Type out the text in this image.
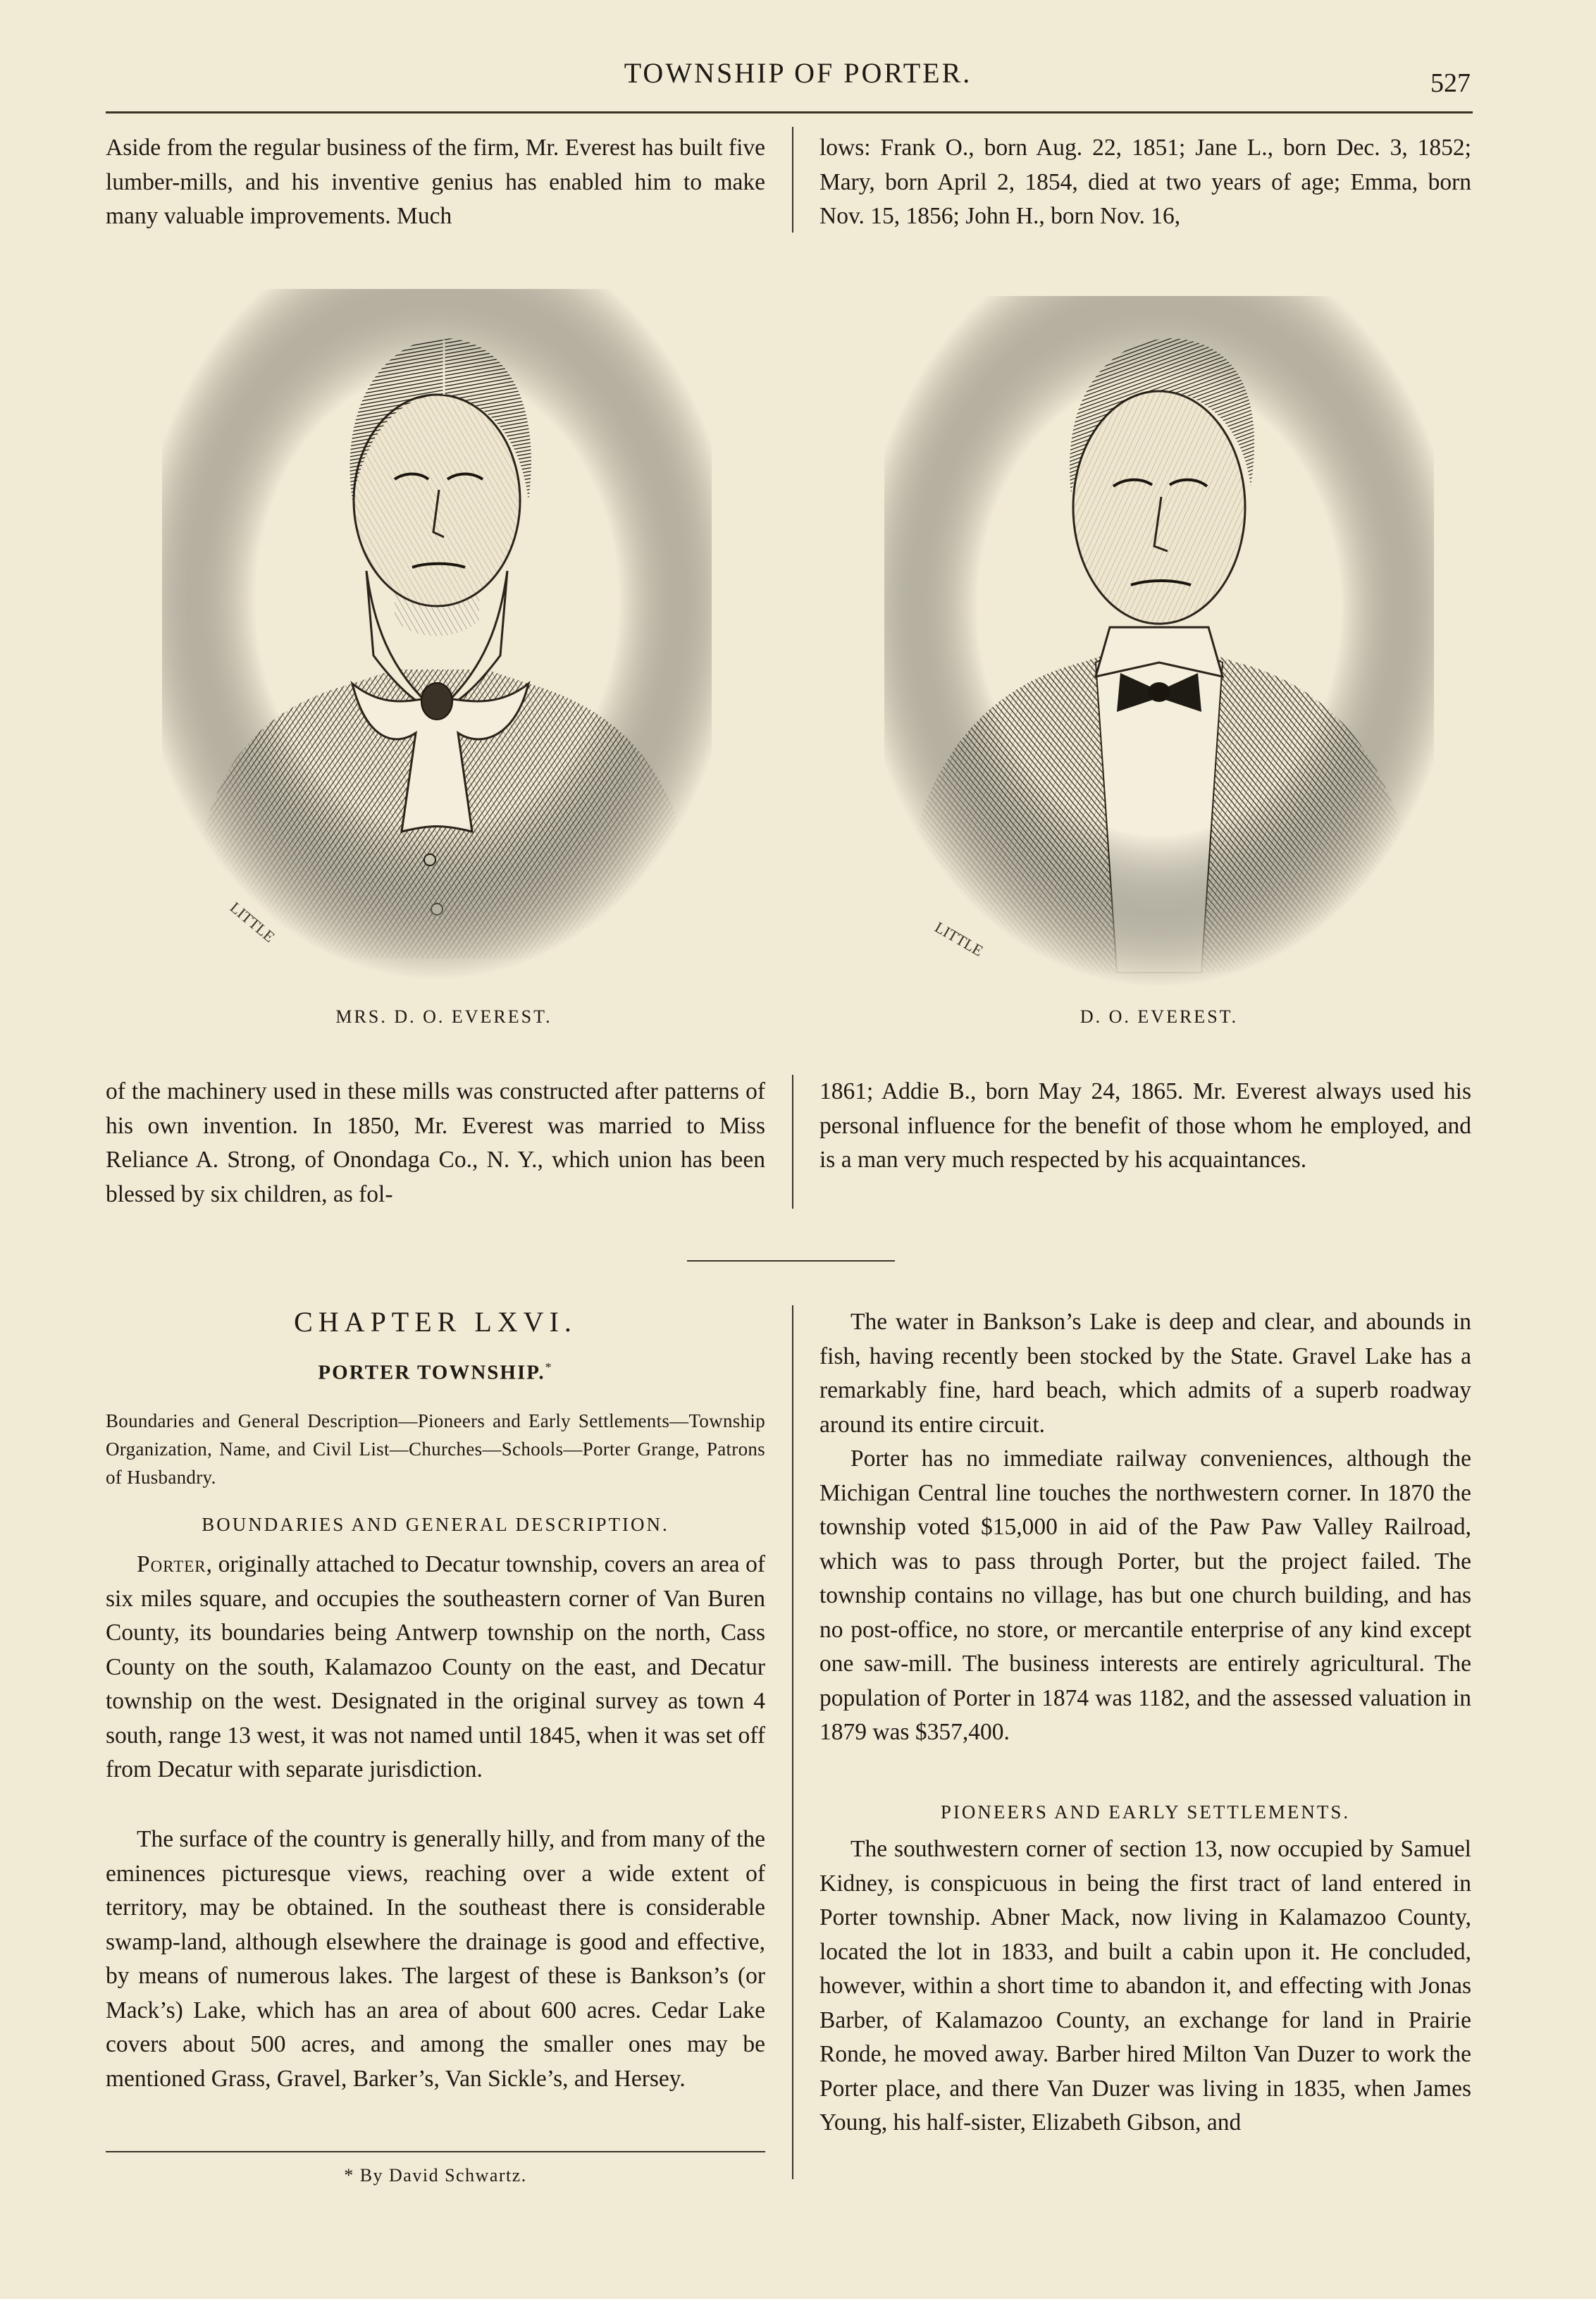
TOWNSHIP OF PORTER.	527

Aside from the regular business of the firm, Mr. Everest has built five lumber-mills, and his inventive genius has enabled him to make many valuable improvements. Much

lows: Frank O., born Aug. 22, 1851; Jane L., born Dec. 3, 1852; Mary, born April 2, 1854, died at two years of age; Emma, born Nov. 15, 1856; John H., born Nov. 16,

LITTLE	LITTLE
MRS. D. O. EVEREST.	D. O. EVEREST.

of the machinery used in these mills was constructed after patterns of his own invention. In 1850, Mr. Everest was married to Miss Reliance A. Strong, of Onondaga Co., N. Y., which union has been blessed by six children, as fol-

1861; Addie B., born May 24, 1865. Mr. Everest always used his personal influence for the benefit of those whom he employed, and is a man very much respected by his acquaintances.

CHAPTER LXVI.
PORTER TOWNSHIP.*

Boundaries and General Description—Pioneers and Early Settlements—Township Organization, Name, and Civil List—Churches—Schools—Porter Grange, Patrons of Husbandry.

BOUNDARIES AND GENERAL DESCRIPTION.

Porter, originally attached to Decatur township, covers an area of six miles square, and occupies the southeastern corner of Van Buren County, its boundaries being Antwerp township on the north, Cass County on the south, Kalamazoo County on the east, and Decatur township on the west. Designated in the original survey as town 4 south, range 13 west, it was not named until 1845, when it was set off from Decatur with separate jurisdiction.

The surface of the country is generally hilly, and from many of the eminences picturesque views, reaching over a wide extent of territory, may be obtained. In the southeast there is considerable swamp-land, although elsewhere the drainage is good and effective, by means of numerous lakes. The largest of these is Bankson’s (or Mack’s) Lake, which has an area of about 600 acres. Cedar Lake covers about 500 acres, and among the smaller ones may be mentioned Grass, Gravel, Barker’s, Van Sickle’s, and Hersey.

* By David Schwartz.

The water in Bankson’s Lake is deep and clear, and abounds in fish, having recently been stocked by the State. Gravel Lake has a remarkably fine, hard beach, which admits of a superb roadway around its entire circuit.

Porter has no immediate railway conveniences, although the Michigan Central line touches the northwestern corner. In 1870 the township voted $15,000 in aid of the Paw Paw Valley Railroad, which was to pass through Porter, but the project failed. The township contains no village, has but one church building, and has no post-office, no store, or mercantile enterprise of any kind except one saw-mill. The business interests are entirely agricultural. The population of Porter in 1874 was 1182, and the assessed valuation in 1879 was $357,400.

PIONEERS AND EARLY SETTLEMENTS.

The southwestern corner of section 13, now occupied by Samuel Kidney, is conspicuous in being the first tract of land entered in Porter township. Abner Mack, now living in Kalamazoo County, located the lot in 1833, and built a cabin upon it. He concluded, however, within a short time to abandon it, and effecting with Jonas Barber, of Kalamazoo County, an exchange for land in Prairie Ronde, he moved away. Barber hired Milton Van Duzer to work the Porter place, and there Van Duzer was living in 1835, when James Young, his half-sister, Elizabeth Gibson, and
